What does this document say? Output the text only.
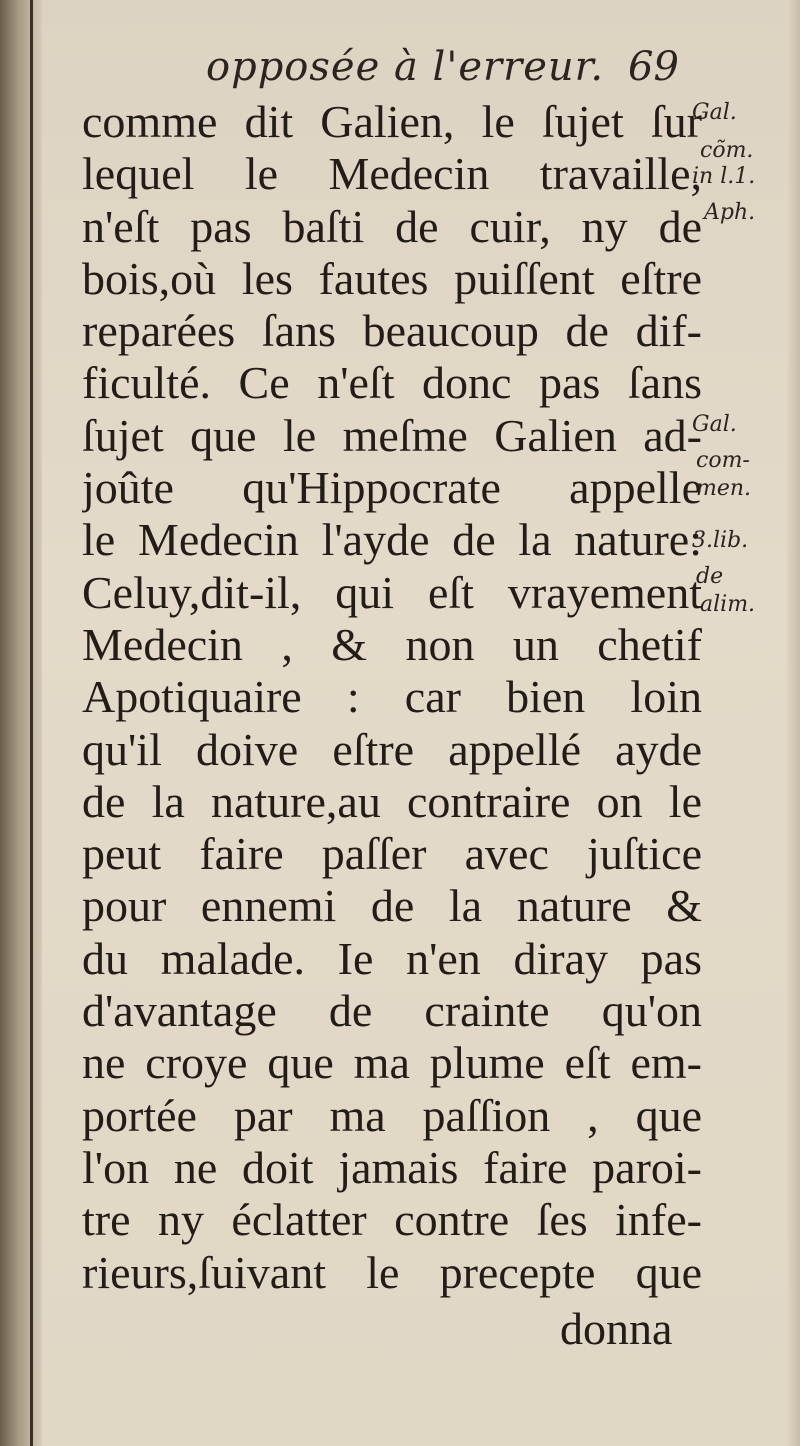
opposée à l'erreur. 69
comme dit Galien, le ſujet ſur
lequel le Medecin travaille,
n'eſt pas baſti de cuir, ny de
bois,où les fautes puiſſent eſtre
reparées ſans beaucoup de dif-
ficulté. Ce n'eſt donc pas ſans
ſujet que le meſme Galien ad-
joûte qu'Hippocrate appelle
le Medecin l'ayde de la nature:
Celuy,dit-il, qui eſt vrayement
Medecin , & non un chetif
Apotiquaire : car bien loin
qu'il doive eſtre appellé ayde
de la nature,au contraire on le
peut faire paſſer avec juſtice
pour ennemi de la nature &
du malade. Ie n'en diray pas
d'avantage de crainte qu'on
ne croye que ma plume eſt em-
portée par ma paſſion , que
l'on ne doit jamais faire paroi-
tre ny éclatter contre ſes infe-
rieurs,ſuivant le precepte que
donna
Gal.
cõm.
in l.1.
Aph.
Gal.
com-
men.
3.lib.
de
alim.
